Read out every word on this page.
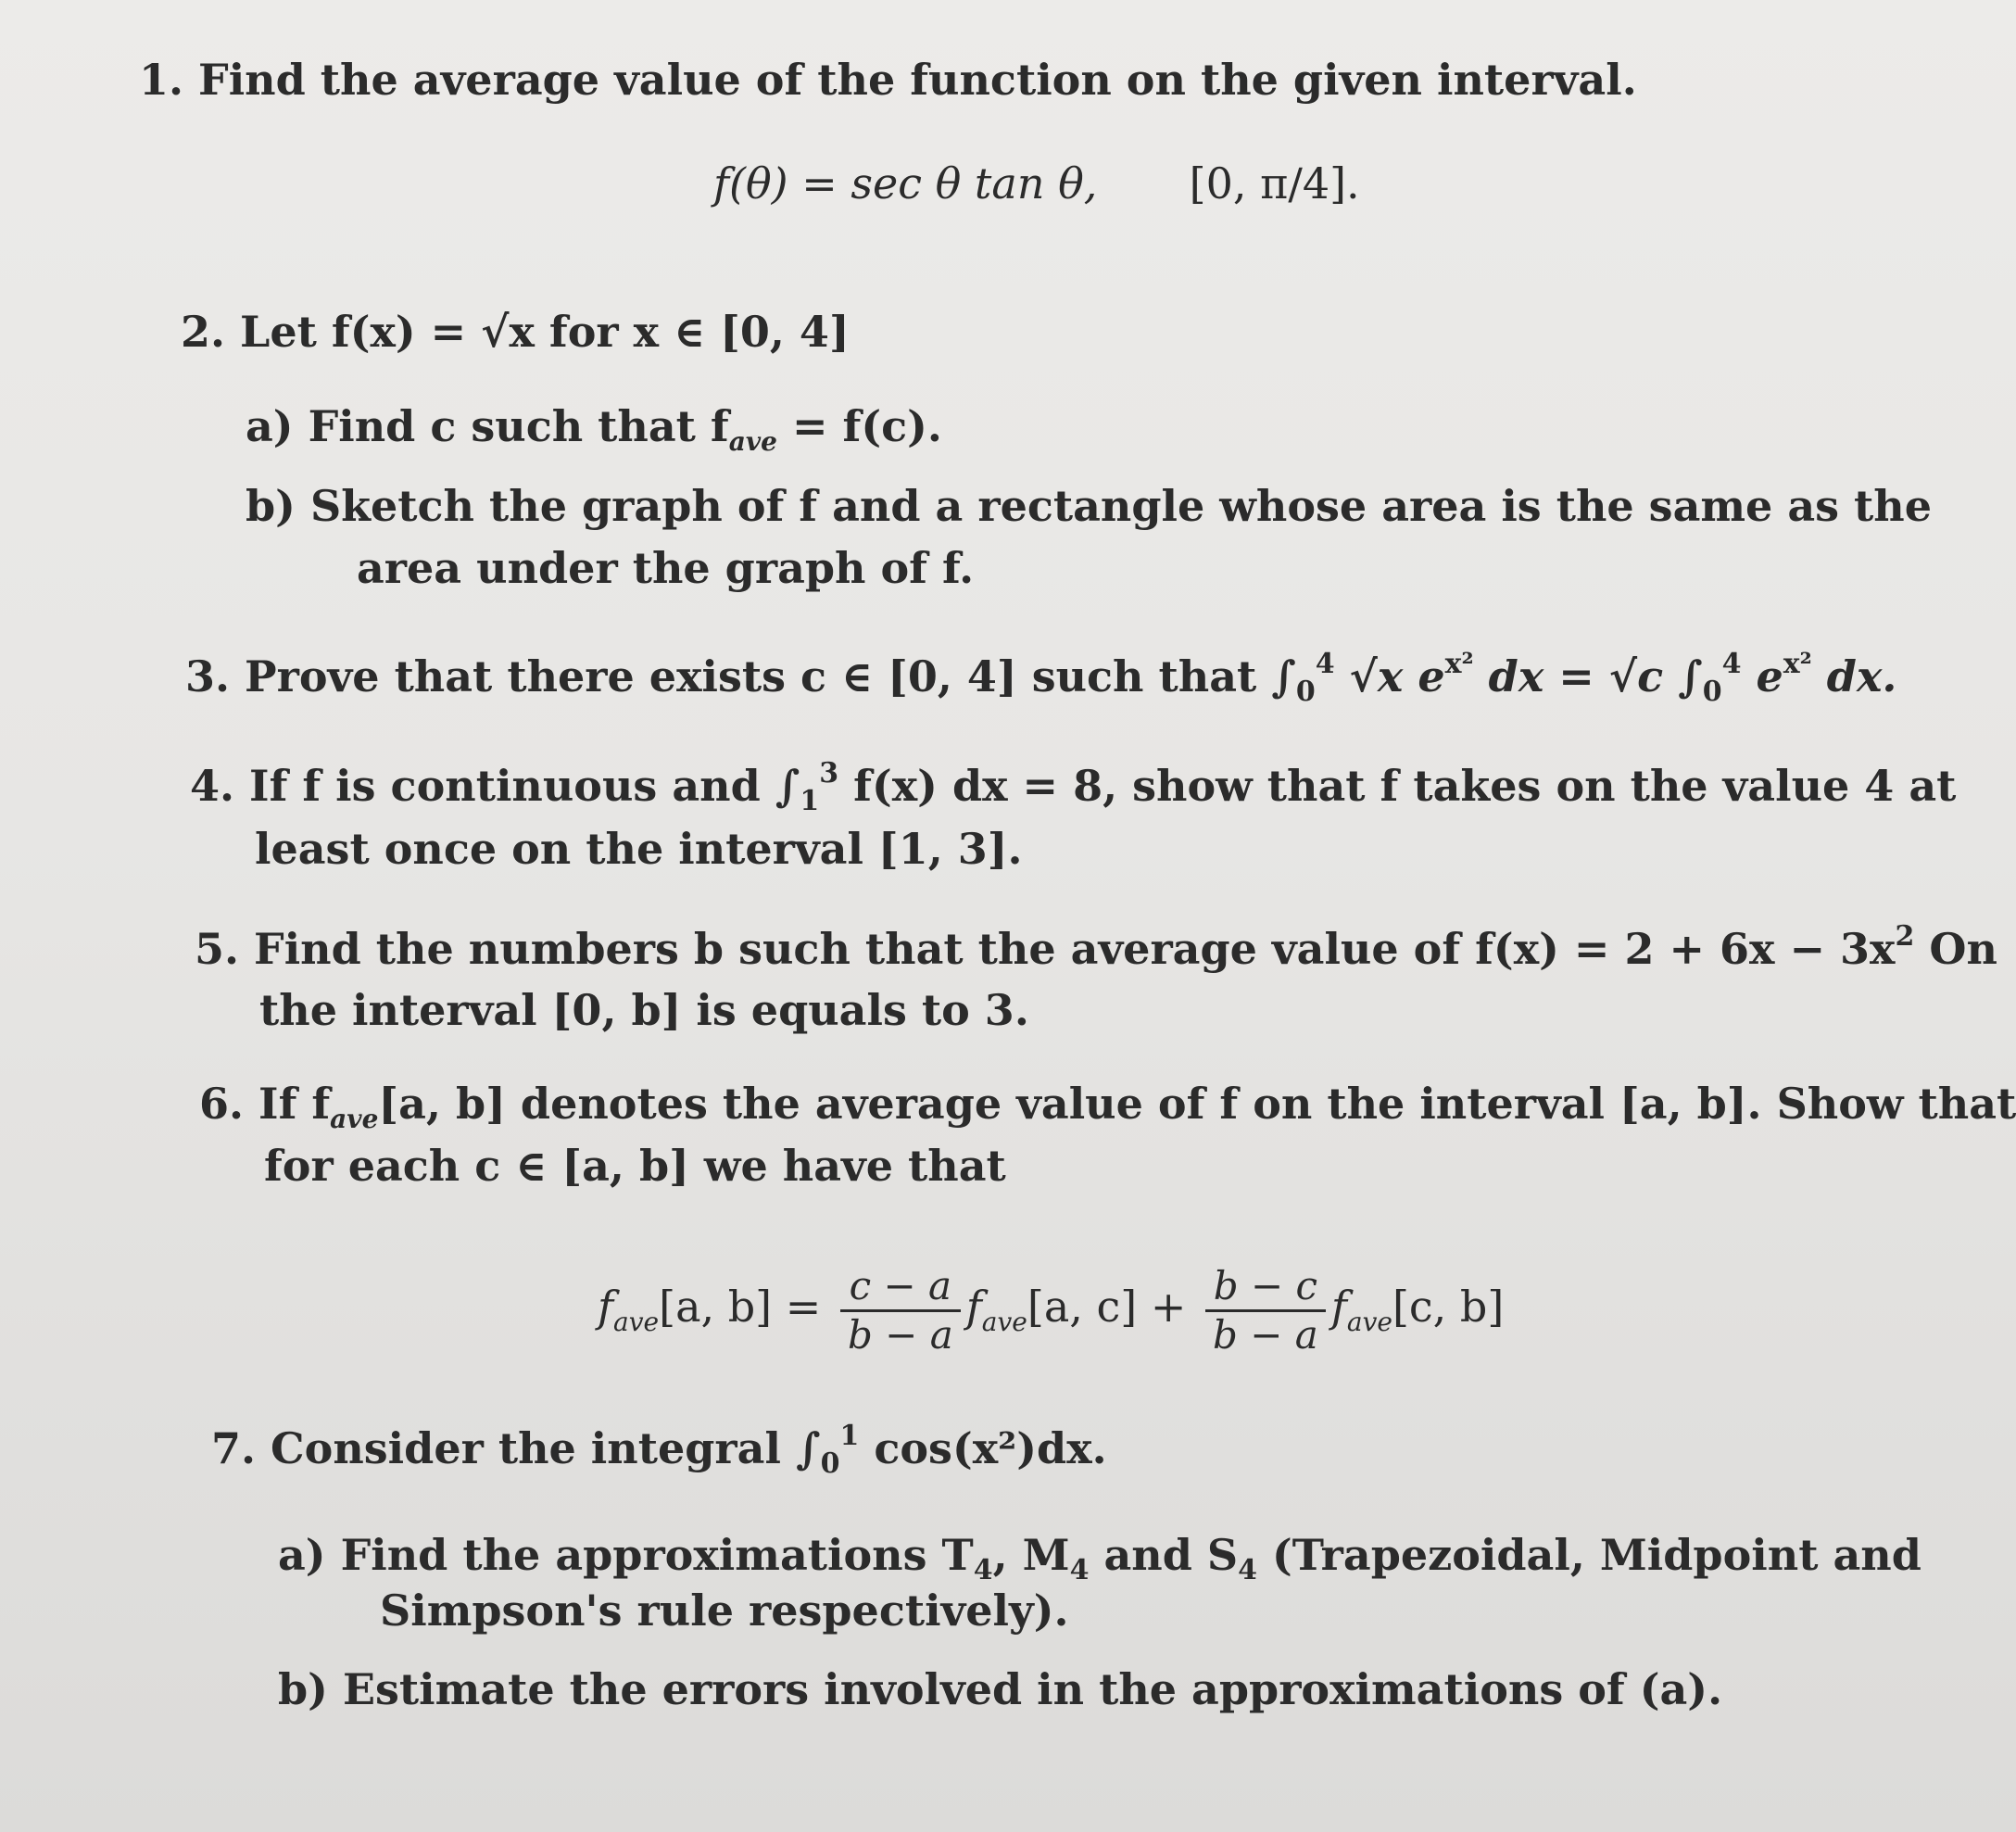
1. Find the average value of the function on the given interval.
f(θ) = sec θ tan θ, [0, π/4].
2. Let f(x) = √x for x ∈ [0, 4]
a) Find c such that $f_{ave} = f(c)$.
b) Sketch the graph of f and a rectangle whose area is the same as the
area under the graph of f.
3. Prove that there exists c ∈ [0, 4] such that $\int_0^4$ √x $e^{x^2}$ dx = √c $\int_0^4$ $e^{x^2}$ dx.
4. If f is continuous and $\int_1^3$ f(x) dx = 8, show that f takes on the value 4 at
least once on the interval [1, 3].
5. Find the numbers b such that the average value of $f(x) = 2 + 6x - 3x^2$ On
the interval [0, b] is equals to 3.
6. If $f_{ave}[a$, b] denotes the average value of f on the interval [a, b]. Show that
for each c ∈ [a, b] we have that
$f_{ave}[a$, $b] = \frac{c - a}{b - a} f_{ave}[a$, $c] + \frac{b - c}{b - a} f_{ave}[c$, b]
7. Consider the integral $\int_0^1$ cos(x²)dx.
a) Find the approximations $T_4$, $M_4$ and $S_4$ (Trapezoidal, Midpoint and
Simpson's rule respectively).
b) Estimate the errors involved in the approximations of (a).
